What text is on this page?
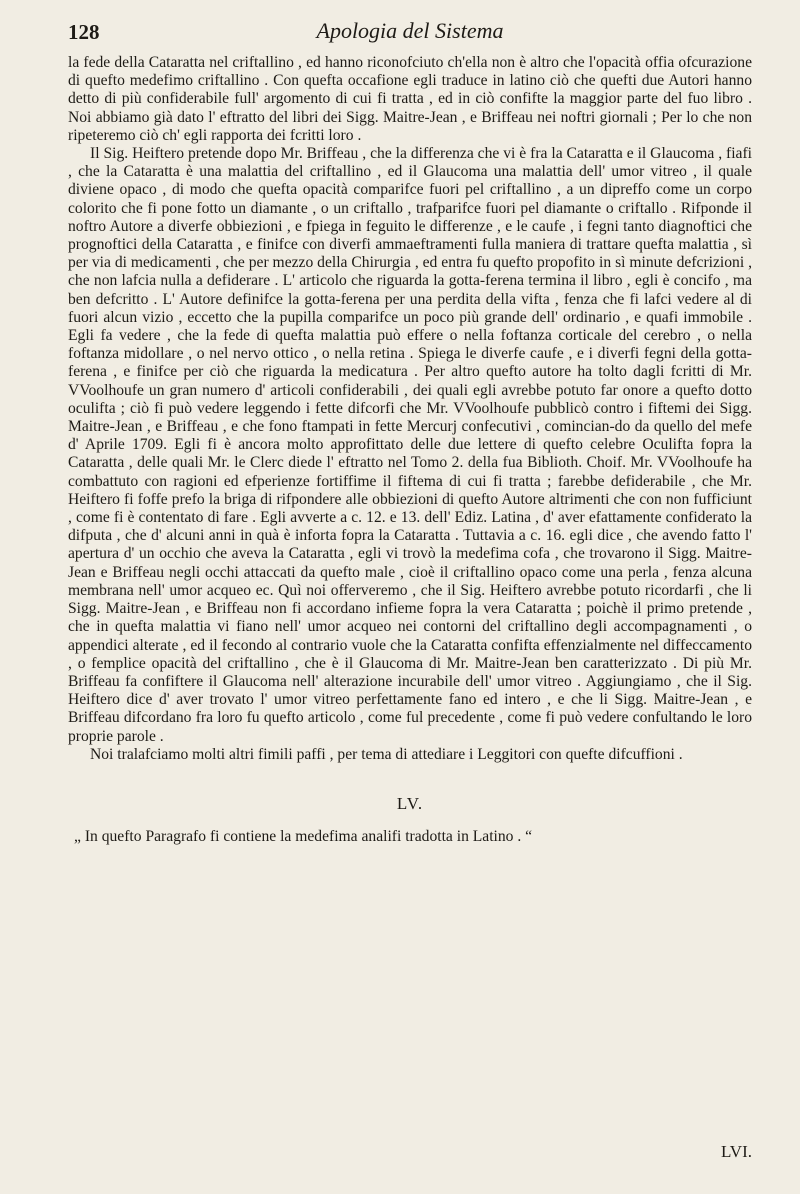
128	Apologia del Sistema

la fede della Cataratta nel criftallino , ed hanno riconofciuto ch'ella non è altro che l'opacità offia ofcurazione di quefto medefimo criftallino . Con quefta occafione egli traduce in latino ciò che quefti due Autori hanno detto di più confiderabile full' argomento di cui fi tratta , ed in ciò confifte la maggior parte del fuo libro . Noi abbiamo già dato l' eftratto del libri dei Sigg. Maitre-Jean , e Briffeau nei noftri giornali ; Per lo che non ripeteremo ciò ch' egli rapporta dei fcritti loro .

Il Sig. Heiftero pretende dopo Mr. Briffeau , che la differenza che vi è fra la Cataratta e il Glaucoma , fiafi , che la Cataratta è una malattia del criftallino , ed il Glaucoma una malattia dell' umor vitreo , il quale diviene opaco , di modo che quefta opacità comparifce fuori pel criftallino , a un dipreffo come un corpo colorito che fi pone fotto un diamante , o un criftallo , trafparifce fuori pel diamante o criftallo . Rifponde il noftro Autore a diverfe obbiezioni , e fpiega in feguito le differenze , e le caufe , i fegni tanto diagnoftici che prognoftici della Cataratta , e finifce con diverfi ammaeftramenti fulla maniera di trattare quefta malattia , sì per via di medicamenti , che per mezzo della Chirurgia , ed entra fu quefto propofito in sì minute defcrizioni , che non lafcia nulla a defiderare . L' articolo che riguarda la gotta-ferena termina il libro , egli è concifo , ma ben defcritto . L' Autore definifce la gotta-ferena per una perdita della vifta , fenza che fi lafci vedere al di fuori alcun vizio , eccetto che la pupilla comparifce un poco più grande dell' ordinario , e quafi immobile . Egli fa vedere , che la fede di quefta malattia può effere o nella foftanza corticale del cerebro , o nella foftanza midollare , o nel nervo ottico , o nella retina . Spiega le diverfe caufe , e i diverfi fegni della gotta-ferena , e finifce per ciò che riguarda la medicatura . Per altro quefto autore ha tolto dagli fcritti di Mr. VVoolhoufe un gran numero d' articoli confiderabili , dei quali egli avrebbe potuto far onore a quefto dotto oculifta ; ciò fi può vedere leggendo i fette difcorfi che Mr. VVoolhoufe pubblicò contro i fiftemi dei Sigg. Maitre-Jean , e Briffeau , e che fono ftampati in fette Mercurj confecutivi , comincian-do da quello del mefe d' Aprile 1709. Egli fi è ancora molto approfittato delle due lettere di quefto celebre Oculifta fopra la Cataratta , delle quali Mr. le Clerc diede l' eftratto nel Tomo 2. della fua Biblioth. Choif. Mr. VVoolhoufe ha combattuto con ragioni ed efperienze fortiffime il fiftema di cui fi tratta ; farebbe defiderabile , che Mr. Heiftero fi foffe prefo la briga di rifpondere alle obbiezioni di quefto Autore altrimenti che con non fufficiunt , come fi è contentato di fare . Egli avverte a c. 12. e 13. dell' Ediz. Latina , d' aver efattamente confiderato la difputa , che d' alcuni anni in quà è inforta fopra la Cataratta . Tuttavia a c. 16. egli dice , che avendo fatto l' apertura d' un occhio che aveva la Cataratta , egli vi trovò la medefima cofa , che trovarono il Sigg. Maitre-Jean e Briffeau negli occhi attaccati da quefto male , cioè il criftallino opaco come una perla , fenza alcuna membrana nell' umor acqueo ec. Quì noi offerveremo , che il Sig. Heiftero avrebbe potuto ricordarfi , che li Sigg. Maitre-Jean , e Briffeau non fi accordano infieme fopra la vera Cataratta ; poichè il primo pretende , che in quefta malattia vi fiano nell' umor acqueo nei contorni del criftallino degli accompagnamenti , o appendici alterate , ed il fecondo al contrario vuole che la Cataratta confifta effenzialmente nel diffeccamento , o femplice opacità del criftallino , che è il Glaucoma di Mr. Maitre-Jean ben caratterizzato . Di più Mr. Briffeau fa confiftere il Glaucoma nell' alterazione incurabile dell' umor vitreo . Aggiungiamo , che il Sig. Heiftero dice d' aver trovato l' umor vitreo perfettamente fano ed intero , e che li Sigg. Maitre-Jean , e Briffeau difcordano fra loro fu quefto articolo , come ful precedente , come fi può vedere confultando le loro proprie parole .

Noi tralafciamo molti altri fimili paffi , per tema di attediare i Leggitori con quefte difcuffioni .

LV.

„ In quefto Paragrafo fi contiene la medefima analifi tradotta in Latino . “

LVI.
